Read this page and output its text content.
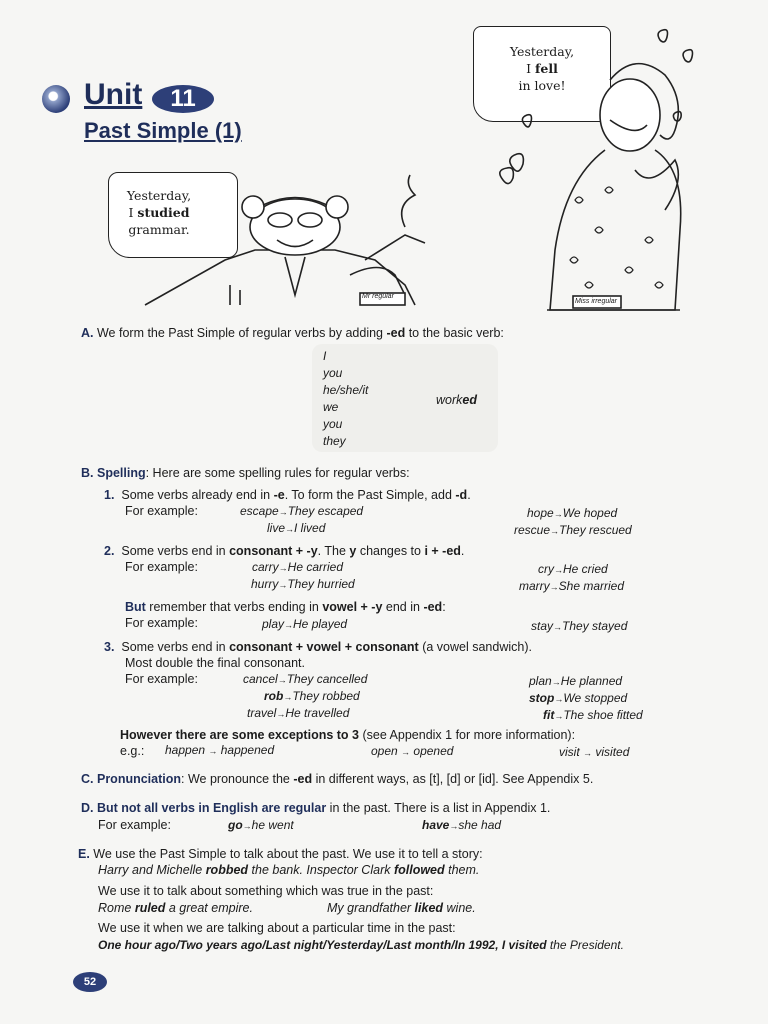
Unit	11
Past Simple (1)
Mr regular
Yesterday,
I studied
grammar.
Yesterday,
I fell
in love!
Miss irregular
A. We form the Past Simple of regular verbs by adding -ed to the basic verb:
I
you
he/she/it
we
you
they
worked
B. Spelling: Here are some spelling rules for regular verbs:
1. Some verbs already end in -e. To form the Past Simple, add -d.
For example:	escape→They escaped	hope→We hoped
live→I lived	rescue→They rescued
2. Some verbs end in consonant + -y. The y changes to i + -ed.
For example:	carry→He carried	cry→He cried
hurry→They hurried	marry→She married
But remember that verbs ending in vowel + -y end in -ed:
For example:	play→He played	stay→They stayed
3. Some verbs end in consonant + vowel + consonant (a vowel sandwich).
Most double the final consonant.
For example:	cancel→They cancelled	plan→He planned
rob→They robbed	stop→We stopped
travel→He travelled	fit→The shoe fitted
However there are some exceptions to 3 (see Appendix 1 for more information):
e.g.: happen → happened	open → opened	visit → visited
C. Pronunciation: We pronounce the -ed in different ways, as [t], [d] or [id]. See Appendix 5.
D. But not all verbs in English are regular in the past. There is a list in Appendix 1.
For example:	go→he went	have→she had
E. We use the Past Simple to talk about the past. We use it to tell a story:
Harry and Michelle robbed the bank. Inspector Clark followed them.
We use it to talk about something which was true in the past:
Rome ruled a great empire.	My grandfather liked wine.
We use it when we are talking about a particular time in the past:
One hour ago/Two years ago/Last night/Yesterday/Last month/In 1992, I visited the President.
52
